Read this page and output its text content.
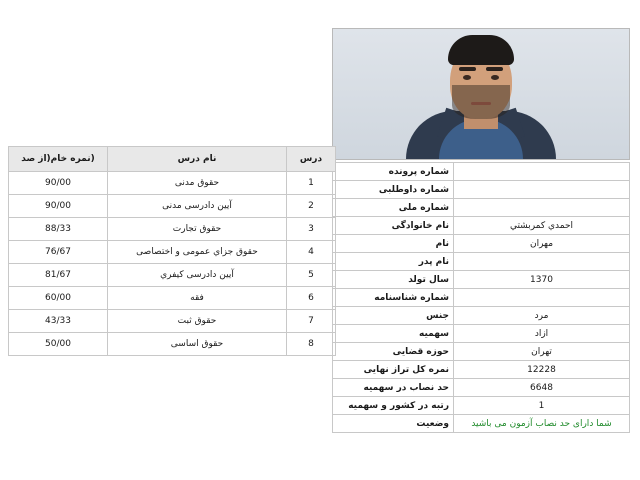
	شماره پرونده
	شماره داوطلبی
	شماره ملی
احمدي کمربشتي	نام خانوادگی
مهران	نام
	نام پدر
1370	سال تولد
	شماره شناسنامه
مرد	جنس
ازاد	سهمیه
تهران	حوزه قضایی
12228	نمره کل تراز نهایی
6648	حد نصاب در سهمیه
1	رتبه در کشور و سهمیه
شما دارای حد نصاب آزمون می باشید	وضعیت
درس	نام درس	(نمره خام(از صد
1	حقوق مدنی	90/00
2	آیین دادرسی مدنی	90/00
3	حقوق تجارت	88/33
4	حقوق جزاي عمومی و اختصاصی	76/67
5	آیین دادرسی کیفري	81/67
6	فقه	60/00
7	حقوق ثبت	43/33
8	حقوق اساسی	50/00
